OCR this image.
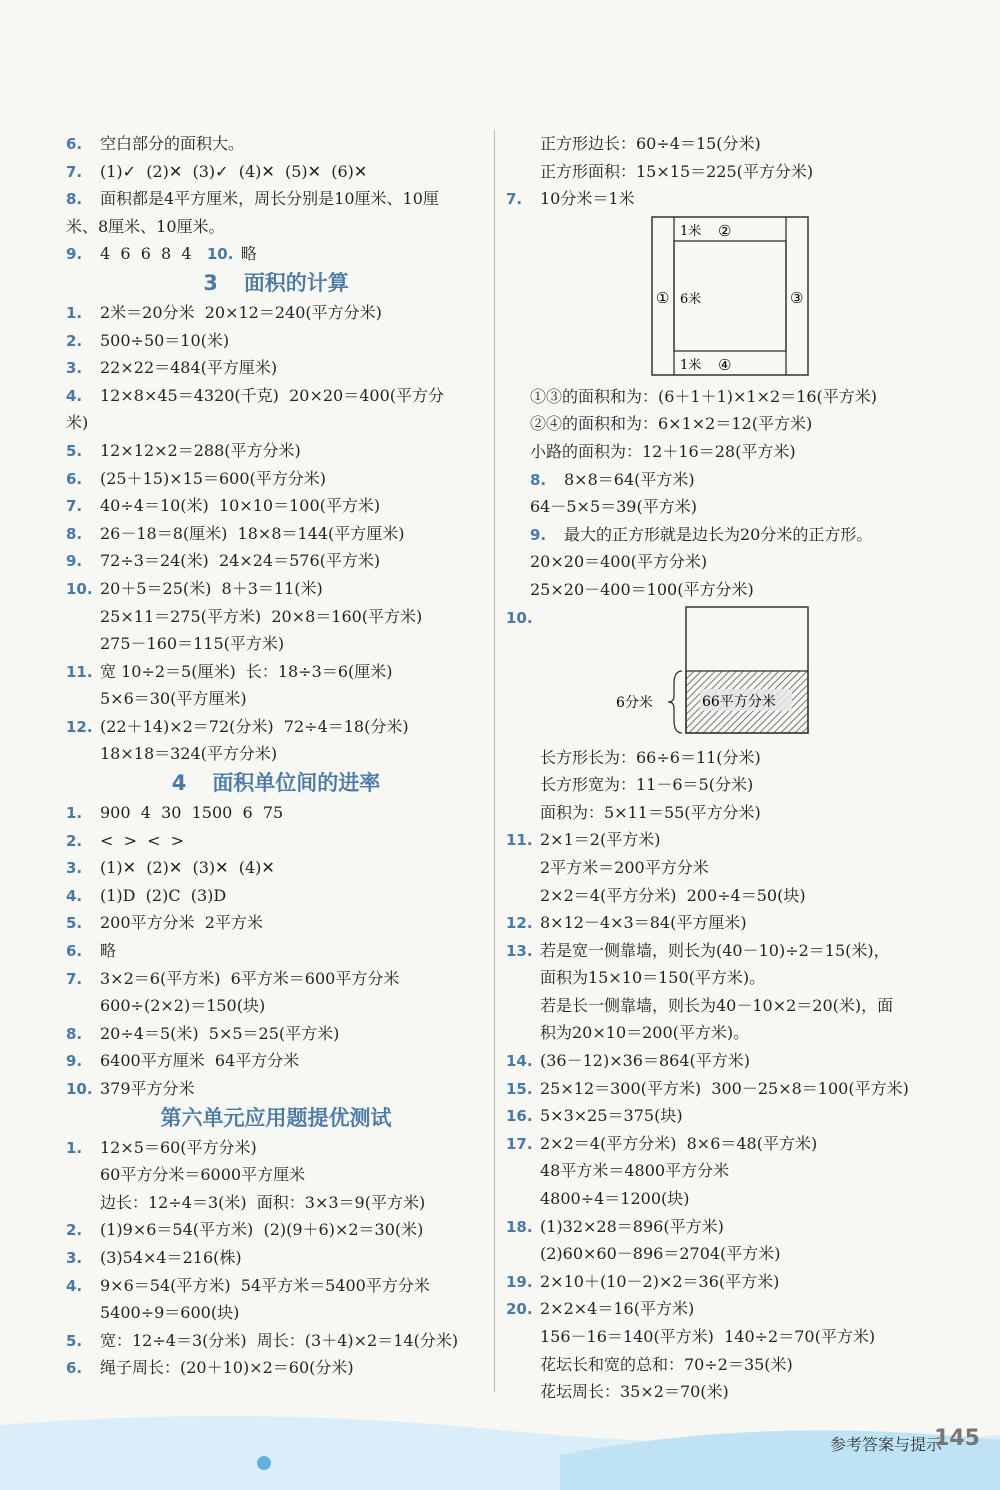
6. 空白部分的面积大。
7. (1)✓  (2)✕  (3)✓  (4)✕  (5)✕  (6)✕
8. 面积都是4平方厘米，周长分别是10厘米、10厘
米、8厘米、10厘米。
9. 4  6  6  8  4   10. 略
3 面积的计算
1. 2米＝20分米  20×12＝240(平方分米)
2. 500÷50＝10(米)
3. 22×22＝484(平方厘米)
4. 12×8×45＝4320(千克)  20×20＝400(平方分
米)
5. 12×12×2＝288(平方分米)
6. (25＋15)×15＝600(平方分米)
7. 40÷4＝10(米)  10×10＝100(平方米)
8. 26－18＝8(厘米)  18×8＝144(平方厘米)
9. 72÷3＝24(米)  24×24＝576(平方米)
10. 20＋5＝25(米)  8＋3＝11(米)
25×11＝275(平方米)  20×8＝160(平方米)
275－160＝115(平方米)
11. 宽 10÷2＝5(厘米)  长：18÷3＝6(厘米)
5×6＝30(平方厘米)
12. (22＋14)×2＝72(分米)  72÷4＝18(分米)
18×18＝324(平方分米)
4 面积单位间的进率
1. 900  4  30  1500  6  75
2. <  >  <  >
3. (1)✕  (2)✕  (3)✕  (4)✕
4. (1)D  (2)C  (3)D
5. 200平方分米  2平方米
6. 略
7. 3×2＝6(平方米)  6平方米＝600平方分米
600÷(2×2)＝150(块)
8. 20÷4＝5(米)  5×5＝25(平方米)
9. 6400平方厘米  64平方分米
10. 379平方分米
第六单元应用题提优测试
1. 12×5＝60(平方分米)
60平方分米＝6000平方厘米
边长：12÷4＝3(米)  面积：3×3＝9(平方米)
2. (1)9×6＝54(平方米)  (2)(9＋6)×2＝30(米)
3. (3)54×4＝216(株)
4. 9×6＝54(平方米)  54平方米＝5400平方分米
5400÷9＝600(块)
5. 宽：12÷4＝3(分米)  周长：(3＋4)×2＝14(分米)
6. 绳子周长：(20＋10)×2＝60(分米)
正方形边长：60÷4＝15(分米)
正方形面积：15×15＝225(平方分米)
7. 10分米＝1米
1米 ②
1米 ④
6米
①	③
①③的面积和为：(6＋1＋1)×1×2＝16(平方米)
②④的面积和为：6×1×2＝12(平方米)
小路的面积为：12＋16＝28(平方米)
8. 8×8＝64(平方米)
64－5×5＝39(平方米)
9. 最大的正方形就是边长为20分米的正方形。
20×20＝400(平方分米)
25×20－400＝100(平方分米)
10.
66平方分米
6分米
长方形长为：66÷6＝11(分米)
长方形宽为：11－6＝5(分米)
面积为：5×11＝55(平方分米)
11. 2×1＝2(平方米)
2平方米＝200平方分米
2×2＝4(平方分米)  200÷4＝50(块)
12. 8×12－4×3＝84(平方厘米)
13. 若是宽一侧靠墙，则长为(40－10)÷2＝15(米)，
面积为15×10＝150(平方米)。
若是长一侧靠墙，则长为40－10×2＝20(米)，面
积为20×10＝200(平方米)。
14. (36－12)×36＝864(平方米)
15. 25×12＝300(平方米)  300－25×8＝100(平方米)
16. 5×3×25＝375(块)
17. 2×2＝4(平方分米)  8×6＝48(平方米)
48平方米＝4800平方分米
4800÷4＝1200(块)
18. (1)32×28＝896(平方米)
(2)60×60－896＝2704(平方米)
19. 2×10＋(10－2)×2＝36(平方米)
20. 2×2×4＝16(平方米)
156－16＝140(平方米)  140÷2＝70(平方米)
花坛长和宽的总和：70÷2＝35(米)
花坛周长：35×2＝70(米)
参考答案与提示
145
